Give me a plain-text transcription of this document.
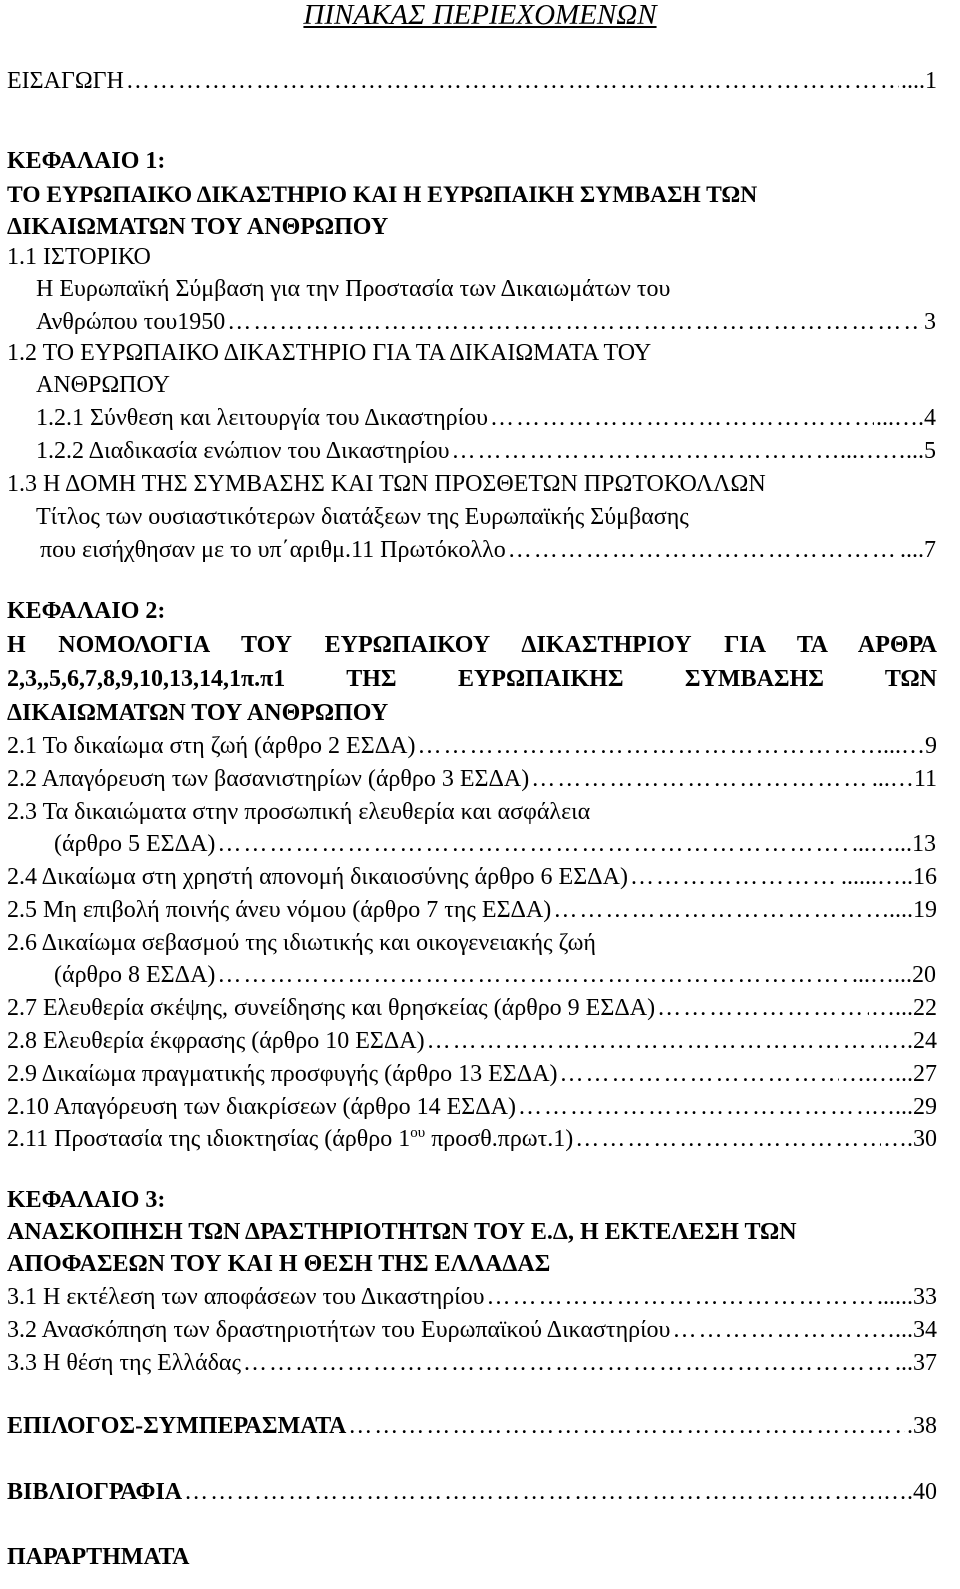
ΠΙΝΑΚΑΣ ΠΕΡΙΕΧΟΜΕΝΩΝ
ΕΙΣΑΓΩΓΗ ……………………………………………………………………………………………………………………………………………………………	....1
ΚΕΦΑΛΑΙΟ 1:
ΤΟ ΕΥΡΩΠΑΙΚΟ ΔΙΚΑΣΤΗΡΙΟ ΚΑΙ Η ΕΥΡΩΠΑΙΚΗ ΣΥΜΒΑΣΗ ΤΩΝ
ΔΙΚΑΙΩΜΑΤΩΝ ΤΟΥ ΑΝΘΡΩΠΟΥ
1.1 ΙΣΤΟΡΙΚΟ
Η Ευρωπαϊκή Σύμβαση για την Προστασία των Δικαιωμάτων του
Ανθρώπου του1950 ……………………………………………………………………………………………………………………………………………………………	3
1.2 ΤΟ ΕΥΡΩΠΑΙΚΟ ΔΙΚΑΣΤΗΡΙΟ ΓΙΑ ΤΑ ΔΙΚΑΙΩΜΑΤΑ ΤΟΥ
ΑΝΘΡΩΠΟΥ
1.2.1 Σύνθεση και λειτουργία του Δικαστηρίου ……………………………………………………………………………………………………………………………………………………………	...….4
1.2.2 Διαδικασία ενώπιον του Δικαστηρίου ……………………………………………………………………………………………………………………………………………………………	...……...5
1.3 Η ΔΟΜΗ ΤΗΣ ΣΥΜΒΑΣΗΣ ΚΑΙ ΤΩΝ ΠΡΟΣΘΕΤΩΝ ΠΡΩΤΟΚΟΛΛΩΝ
Τίτλος των ουσιαστικότερων διατάξεων της Ευρωπαϊκής Σύμβασης
που εισήχθησαν με το υπ΄αριθμ.11 Πρωτόκολλο ……………………………………………………………………………………………………………………………………………………………	....7
ΚΕΦΑΛΑΙΟ 2:
Η ΝΟΜΟΛΟΓΙΑ ΤΟΥ ΕΥΡΩΠΑΙΚΟΥ ΔΙΚΑΣΤΗΡΙΟΥ ΓΙΑ ΤΑ ΑΡΘΡΑ
2,3,,5,6,7,8,9,10,13,14,1π.π1 ΤΗΣ ΕΥΡΩΠΑΙΚΗΣ ΣΥΜΒΑΣΗΣ ΤΩΝ
ΔΙΚΑΙΩΜΑΤΩΝ ΤΟΥ ΑΝΘΡΩΠΟΥ
2.1 Το δικαίωμα στη ζωή (άρθρο 2 ΕΣΔΑ) ……………………………………………………………………………………………………………………………………………………………	...…9
2.2 Απαγόρευση των βασανιστηρίων (άρθρο 3 ΕΣΔΑ) ……………………………………………………………………………………………………………………………………………………………	...…11
2.3 Τα δικαιώματα στην προσωπική ελευθερία και ασφάλεια
(άρθρο 5 ΕΣΔΑ) ……………………………………………………………………………………………………………………………………………………………	...…...13
2.4 Δικαίωμα στη χρηστή απονομή δικαιοσύνης άρθρο 6 ΕΣΔΑ) ……………………………………………………………………………………………………………………………………………………………	......…..16
2.5 Μη επιβολή ποινής άνευ νόμου (άρθρο 7 της ΕΣΔΑ) ……………………………………………………………………………………………………………………………………………………………	....19
2.6 Δικαίωμα σεβασμού της ιδιωτικής και οικογενειακής ζωή
(άρθρο 8 ΕΣΔΑ) ……………………………………………………………………………………………………………………………………………………………	...…...20
2.7 Ελευθερία σκέψης, συνείδησης και θρησκείας (άρθρο 9 ΕΣΔΑ) ……………………………………………………………………………………………………………………………………………………………	…...22
2.8 Ελευθερία έκφρασης (άρθρο 10 ΕΣΔΑ) ……………………………………………………………………………………………………………………………………………………………	….24
2.9 Δικαίωμα πραγματικής προσφυγής (άρθρο 13 ΕΣΔΑ) ……………………………………………………………………………………………………………………………………………………………	….…...27
2.10 Απαγόρευση των διακρίσεων (άρθρο 14 ΕΣΔΑ) ……………………………………………………………………………………………………………………………………………………………	…...29
2.11 Προστασία της ιδιοκτησίας (άρθρο $1^{o\upsilon}$ προσθ.πρωτ.1) ……………………………………………………………………………………………………………………………………………………………	….30
ΚΕΦΑΛΑΙΟ 3:
ΑΝΑΣΚΟΠΗΣΗ ΤΩΝ ΔΡΑΣΤΗΡΙΟΤΗΤΩΝ ΤΟΥ Ε.Δ, Η ΕΚΤΕΛΕΣΗ ΤΩΝ
ΑΠΟΦΑΣΕΩΝ ΤΟΥ ΚΑΙ Η ΘΕΣΗ ΤΗΣ ΕΛΛΑΔΑΣ
3.1 Η εκτέλεση των αποφάσεων του Δικαστηρίου ……………………………………………………………………………………………………………………………………………………………	......33
3.2 Ανασκόπηση των δραστηριοτήτων του Ευρωπαϊκού Δικαστηρίου ……………………………………………………………………………………………………………………………………………………………	…...34
3.3 Η θέση της Ελλάδας ……………………………………………………………………………………………………………………………………………………………	...37
ΕΠΙΛΟΓΟΣ-ΣΥΜΠΕΡΑΣΜΑΤΑ ……………………………………………………………………………………………………………………………………………………………	.38
ΒΙΒΛΙΟΓΡΑΦΙΑ ……………………………………………………………………………………………………………………………………………………………	….40
ΠΑΡΑΡΤΗΜΑΤΑ
